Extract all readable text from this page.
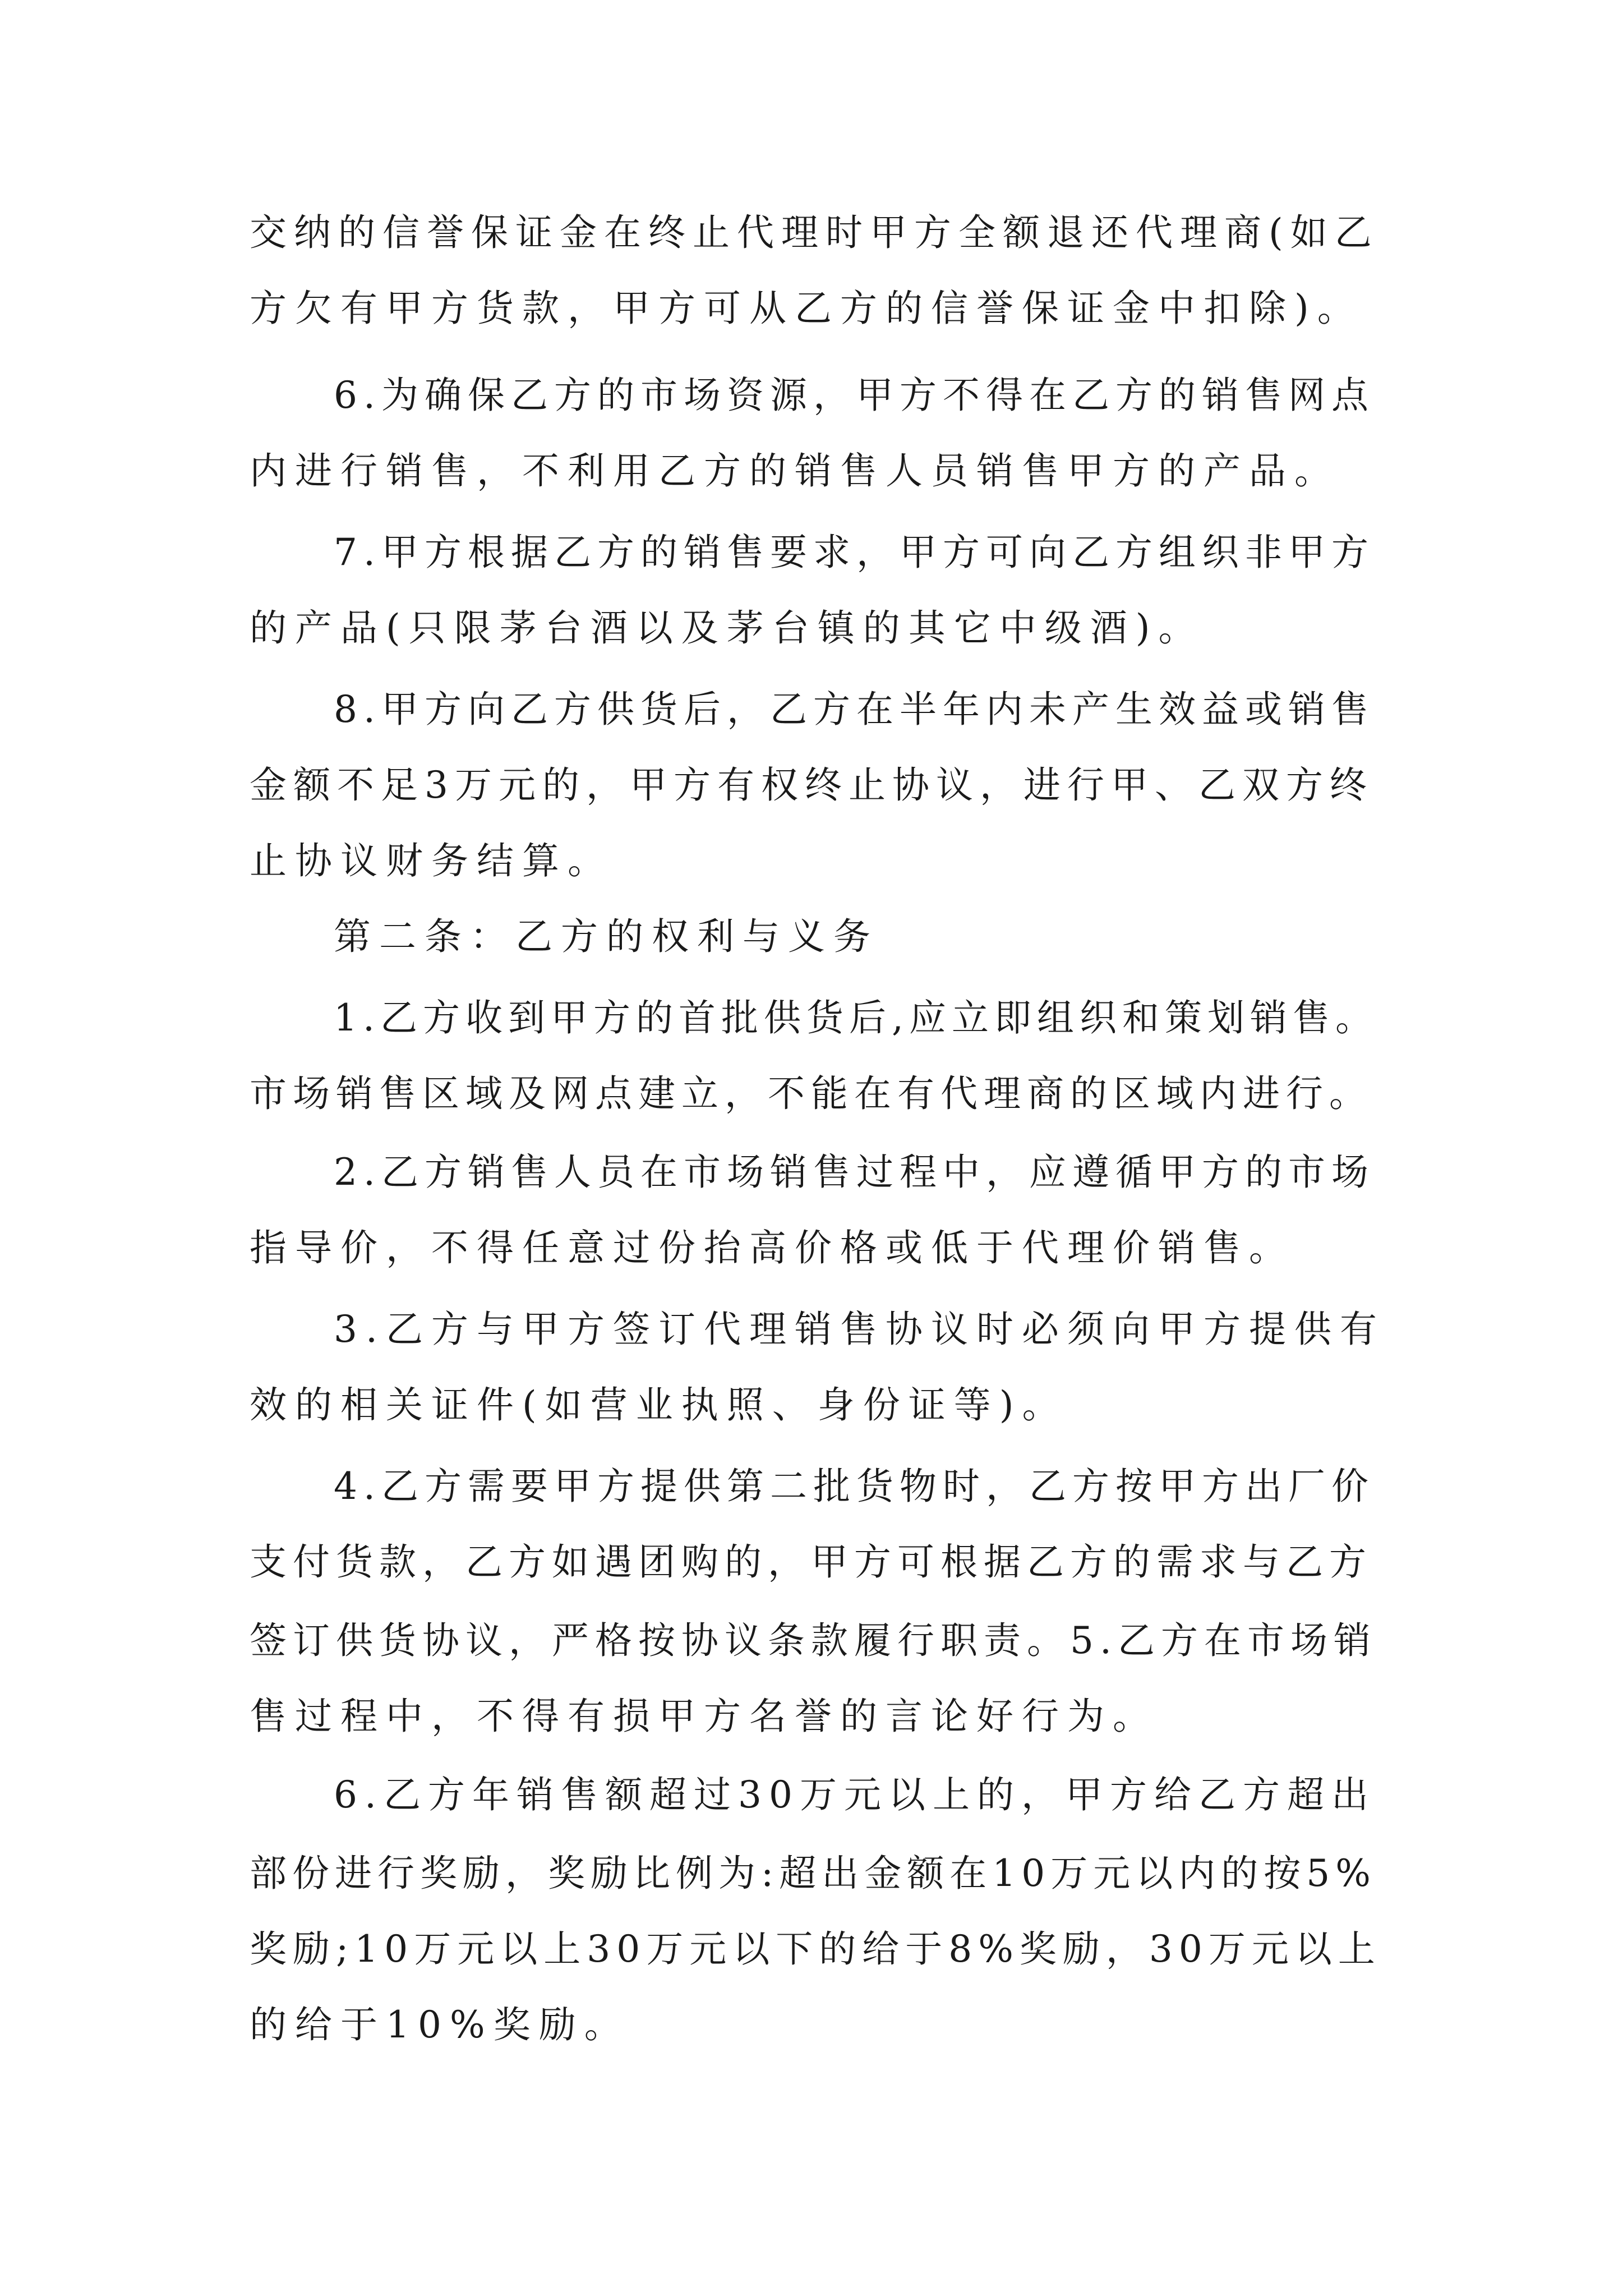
交纳的信誉保证金在终止代理时甲方全额退还代理商(如乙
方欠有甲方货款，甲方可从乙方的信誉保证金中扣除)。
6.为确保乙方的市场资源，甲方不得在乙方的销售网点
内进行销售，不利用乙方的销售人员销售甲方的产品。
7.甲方根据乙方的销售要求，甲方可向乙方组织非甲方
的产品(只限茅台酒以及茅台镇的其它中级酒)。
8.甲方向乙方供货后，乙方在半年内未产生效益或销售
金额不足3万元的，甲方有权终止协议，进行甲、乙双方终
止协议财务结算。
第二条：乙方的权利与义务
1.乙方收到甲方的首批供货后,应立即组织和策划销售。
市场销售区域及网点建立，不能在有代理商的区域内进行。
2.乙方销售人员在市场销售过程中，应遵循甲方的市场
指导价，不得任意过份抬高价格或低于代理价销售。
3.乙方与甲方签订代理销售协议时必须向甲方提供有
效的相关证件(如营业执照、身份证等)。
4.乙方需要甲方提供第二批货物时，乙方按甲方出厂价
支付货款，乙方如遇团购的，甲方可根据乙方的需求与乙方
签订供货协议，严格按协议条款履行职责。5.乙方在市场销
售过程中，不得有损甲方名誉的言论好行为。
6.乙方年销售额超过30万元以上的，甲方给乙方超出
部份进行奖励，奖励比例为:超出金额在10万元以内的按5%
奖励;10万元以上30万元以下的给于8%奖励，30万元以上
的给于10%奖励。
